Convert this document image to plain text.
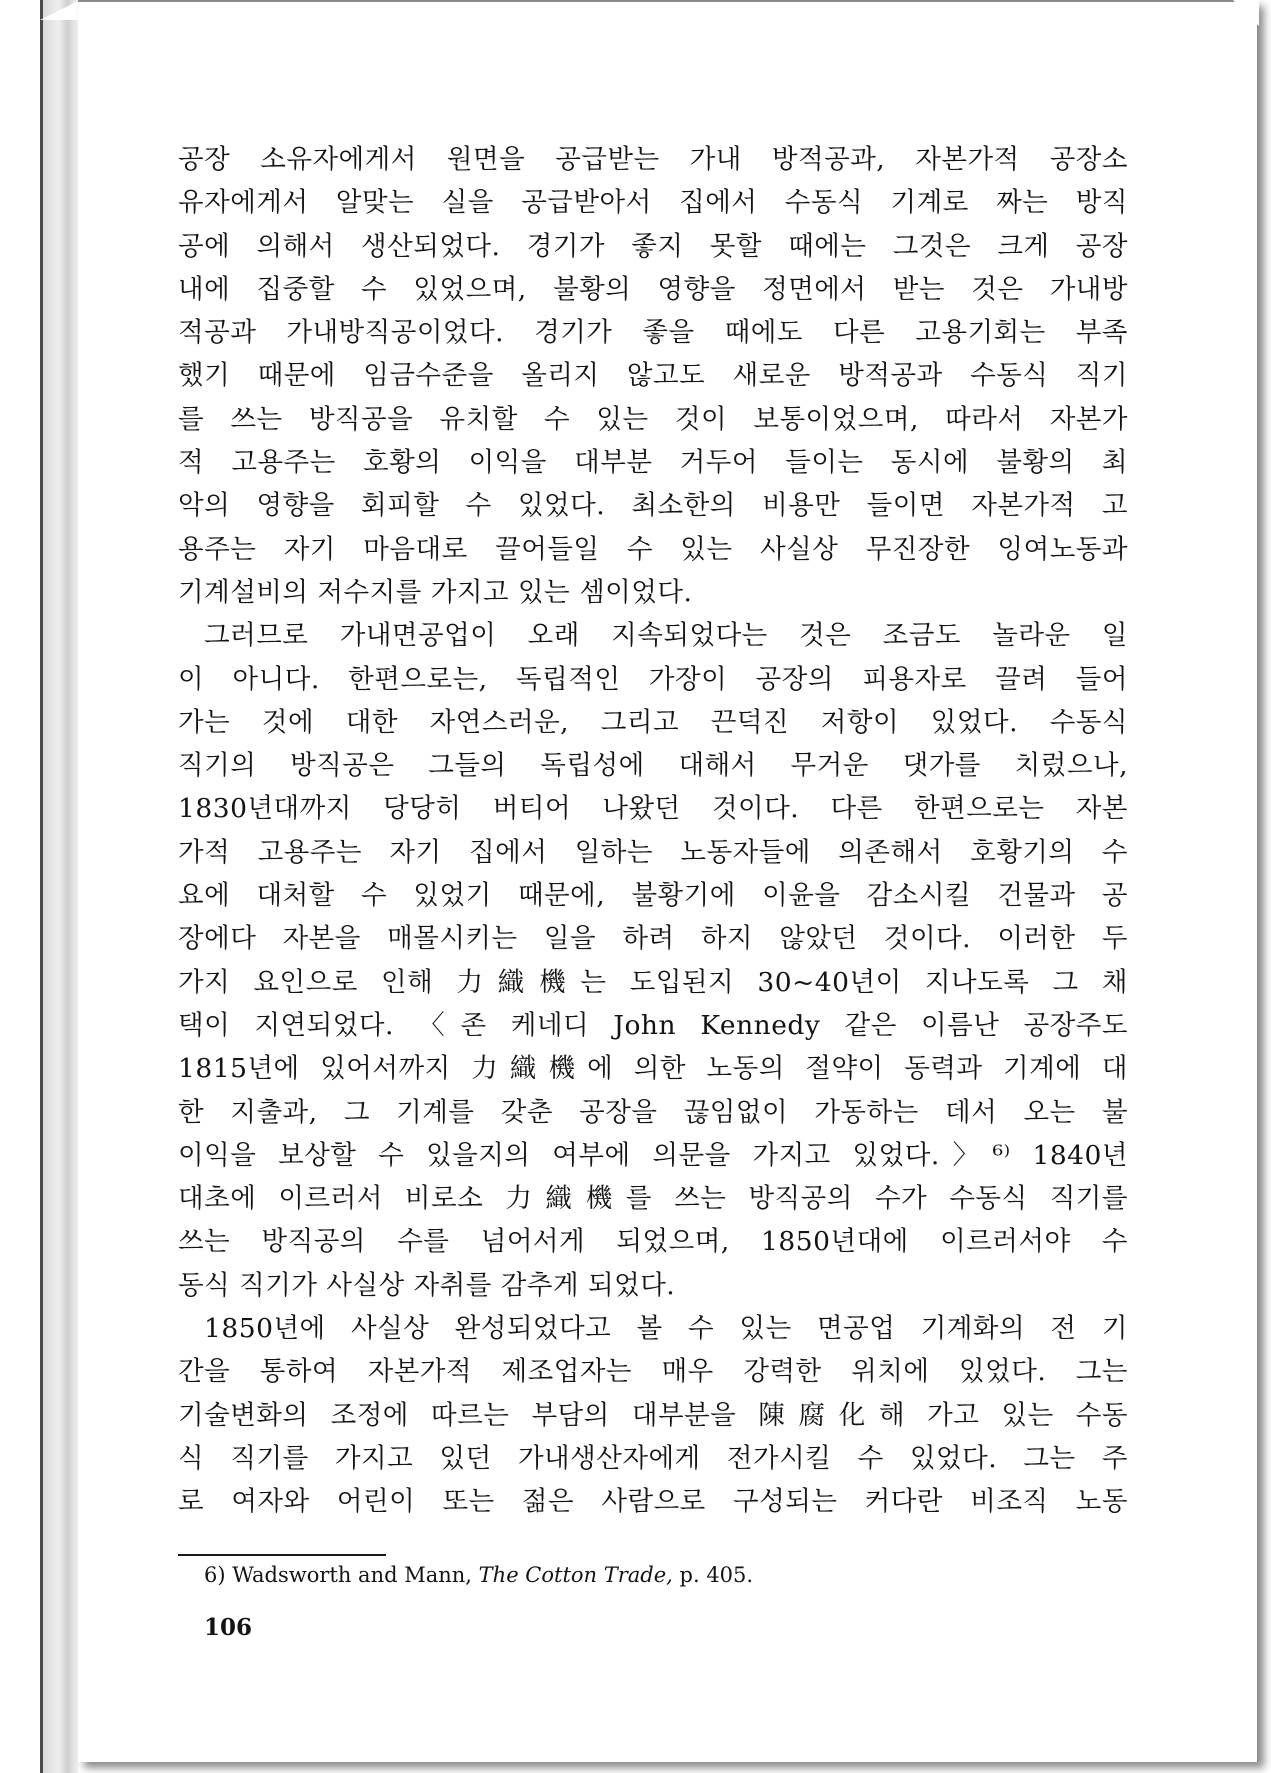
공장 소유자에게서 원면을 공급받는 가내 방적공과, 자본가적 공장소
유자에게서 알맞는 실을 공급받아서 집에서 수동식 기계로 짜는 방직
공에 의해서 생산되었다. 경기가 좋지 못할 때에는 그것은 크게 공장
내에 집중할 수 있었으며, 불황의 영향을 정면에서 받는 것은 가내방
적공과 가내방직공이었다. 경기가 좋을 때에도 다른 고용기회는 부족
했기 때문에 임금수준을 올리지 않고도 새로운 방적공과 수동식 직기
를 쓰는 방직공을 유치할 수 있는 것이 보통이었으며, 따라서 자본가
적 고용주는 호황의 이익을 대부분 거두어 들이는 동시에 불황의 최
악의 영향을 회피할 수 있었다. 최소한의 비용만 들이면 자본가적 고
용주는 자기 마음대로 끌어들일 수 있는 사실상 무진장한 잉여노동과
기계설비의 저수지를 가지고 있는 셈이었다.
그러므로 가내면공업이 오래 지속되었다는 것은 조금도 놀라운 일
이 아니다. 한편으로는, 독립적인 가장이 공장의 피용자로 끌려 들어
가는 것에 대한 자연스러운, 그리고 끈덕진 저항이 있었다. 수동식
직기의 방직공은 그들의 독립성에 대해서 무거운 댓가를 치렀으나,
1830년대까지 당당히 버티어 나왔던 것이다. 다른 한편으로는 자본
가적 고용주는 자기 집에서 일하는 노동자들에 의존해서 호황기의 수
요에 대처할 수 있었기 때문에, 불황기에 이윤을 감소시킬 건물과 공
장에다 자본을 매몰시키는 일을 하려 하지 않았던 것이다. 이러한 두
가지 요인으로 인해 力織機는 도입된지 30~40년이 지나도록 그 채
택이 지연되었다. 〈존 케네디 John Kennedy 같은 이름난 공장주도
1815년에 있어서까지 力織機에 의한 노동의 절약이 동력과 기계에 대
한 지출과, 그 기계를 갖춘 공장을 끊임없이 가동하는 데서 오는 불
이익을 보상할 수 있을지의 여부에 의문을 가지고 있었다.〉⁶⁾ 1840년
대초에 이르러서 비로소 力織機를 쓰는 방직공의 수가 수동식 직기를
쓰는 방직공의 수를 넘어서게 되었으며, 1850년대에 이르러서야 수
동식 직기가 사실상 자취를 감추게 되었다.
1850년에 사실상 완성되었다고 볼 수 있는 면공업 기계화의 전 기
간을 통하여 자본가적 제조업자는 매우 강력한 위치에 있었다. 그는
기술변화의 조정에 따르는 부담의 대부분을 陳腐化해 가고 있는 수동
식 직기를 가지고 있던 가내생산자에게 전가시킬 수 있었다. 그는 주
로 여자와 어린이 또는 젊은 사람으로 구성되는 커다란 비조직 노동
6) Wadsworth and Mann, The Cotton Trade, p. 405.
106
